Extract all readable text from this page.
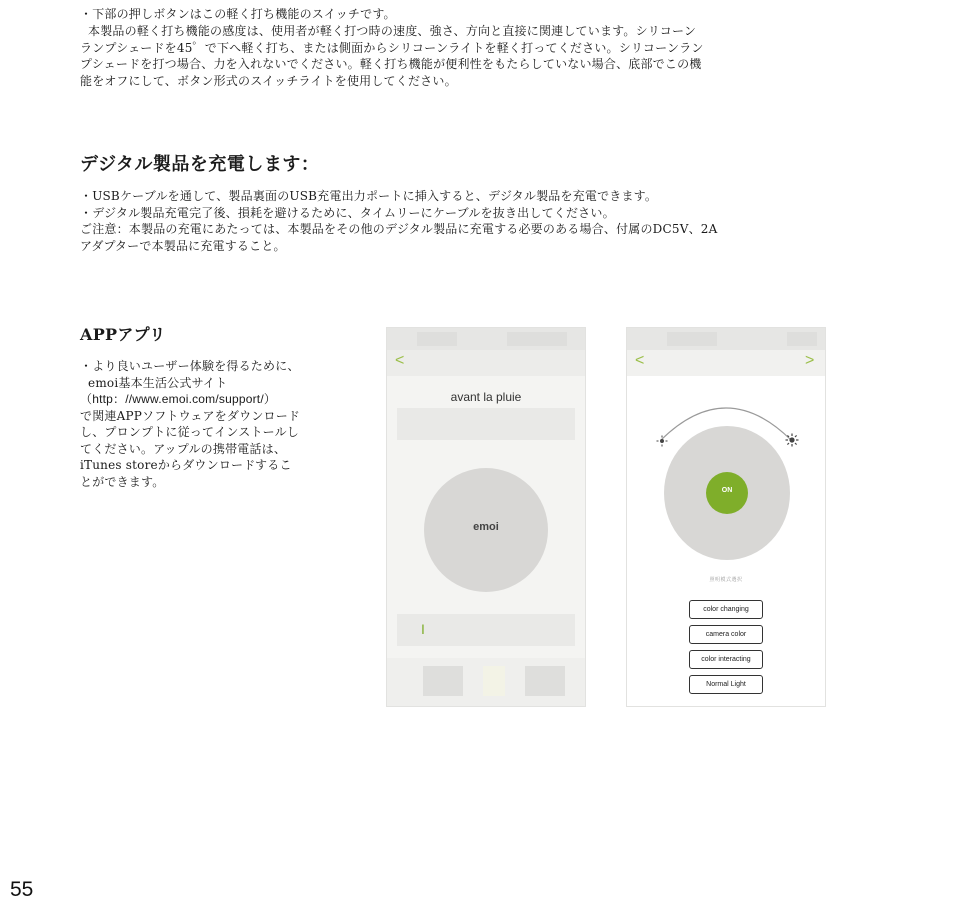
・下部の押しボタンはこの軽く打ち機能のスイッチです。
本製品の軽く打ち機能の感度は、使用者が軽く打つ時の速度、強さ、方向と直接に関連しています。シリコーン
ランプシェードを45゜で下へ軽く打ち、または側面からシリコーンライトを軽く打ってください。シリコーンラン
プシェードを打つ場合、力を入れないでください。軽く打ち機能が便利性をもたらしていない場合、底部でこの機
能をオフにして、ボタン形式のスイッチライトを使用してください。
デジタル製品を充電します：
・USBケーブルを通して、製品裏面のUSB充電出力ポートに挿入すると、デジタル製品を充電できます。
・デジタル製品充電完了後、損耗を避けるために、タイムリーにケーブルを抜き出してください。
ご注意：本製品の充電にあたっては、本製品をその他のデジタル製品に充電する必要のある場合、付属のDC5V、2A
アダプターで本製品に充電すること。
APPアプリ
・より良いユーザー体験を得るために、
emoi基本生活公式サイト
（http：//www.emoi.com/support/）
で関連APPソフトウェアをダウンロード
し、プロンプトに従ってインストールし
てください。アップルの携帯電話は、
iTunes storeからダウンロードするこ
とができます。
<
avant la pluie
emoi
I
<	>
ON
照明模式選択
color changing
camera color
color interacting
Normal Light
55
